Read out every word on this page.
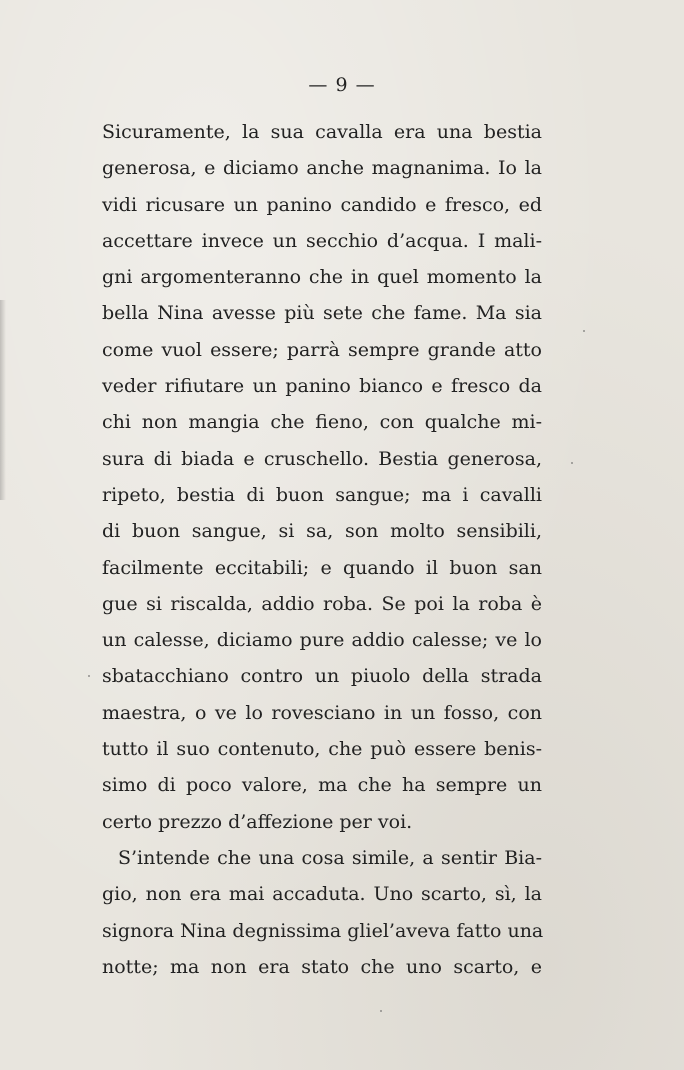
— 9 —
Sicuramente, la sua cavalla era una bestia
generosa, e diciamo anche magnanima. Io la
vidi ricusare un panino candido e fresco, ed
accettare invece un secchio d’acqua. I mali-
gni argomenteranno che in quel momento la
bella Nina avesse più sete che fame. Ma sia
come vuol essere; parrà sempre grande atto
veder rifiutare un panino bianco e fresco da
chi non mangia che fieno, con qualche mi-
sura di biada e cruschello. Bestia generosa,
ripeto, bestia di buon sangue; ma i cavalli
di buon sangue, si sa, son molto sensibili,
facilmente eccitabili; e quando il buon san
gue si riscalda, addio roba. Se poi la roba è
un calesse, diciamo pure addio calesse; ve lo
sbatacchiano contro un piuolo della strada
maestra, o ve lo rovesciano in un fosso, con
tutto il suo contenuto, che può essere benis-
simo di poco valore, ma che ha sempre un
certo prezzo d’affezione per voi.
S’intende che una cosa simile, a sentir Bia-
gio, non era mai accaduta. Uno scarto, sì, la
signora Nina degnissima gliel’aveva fatto una
notte; ma non era stato che uno scarto, e
